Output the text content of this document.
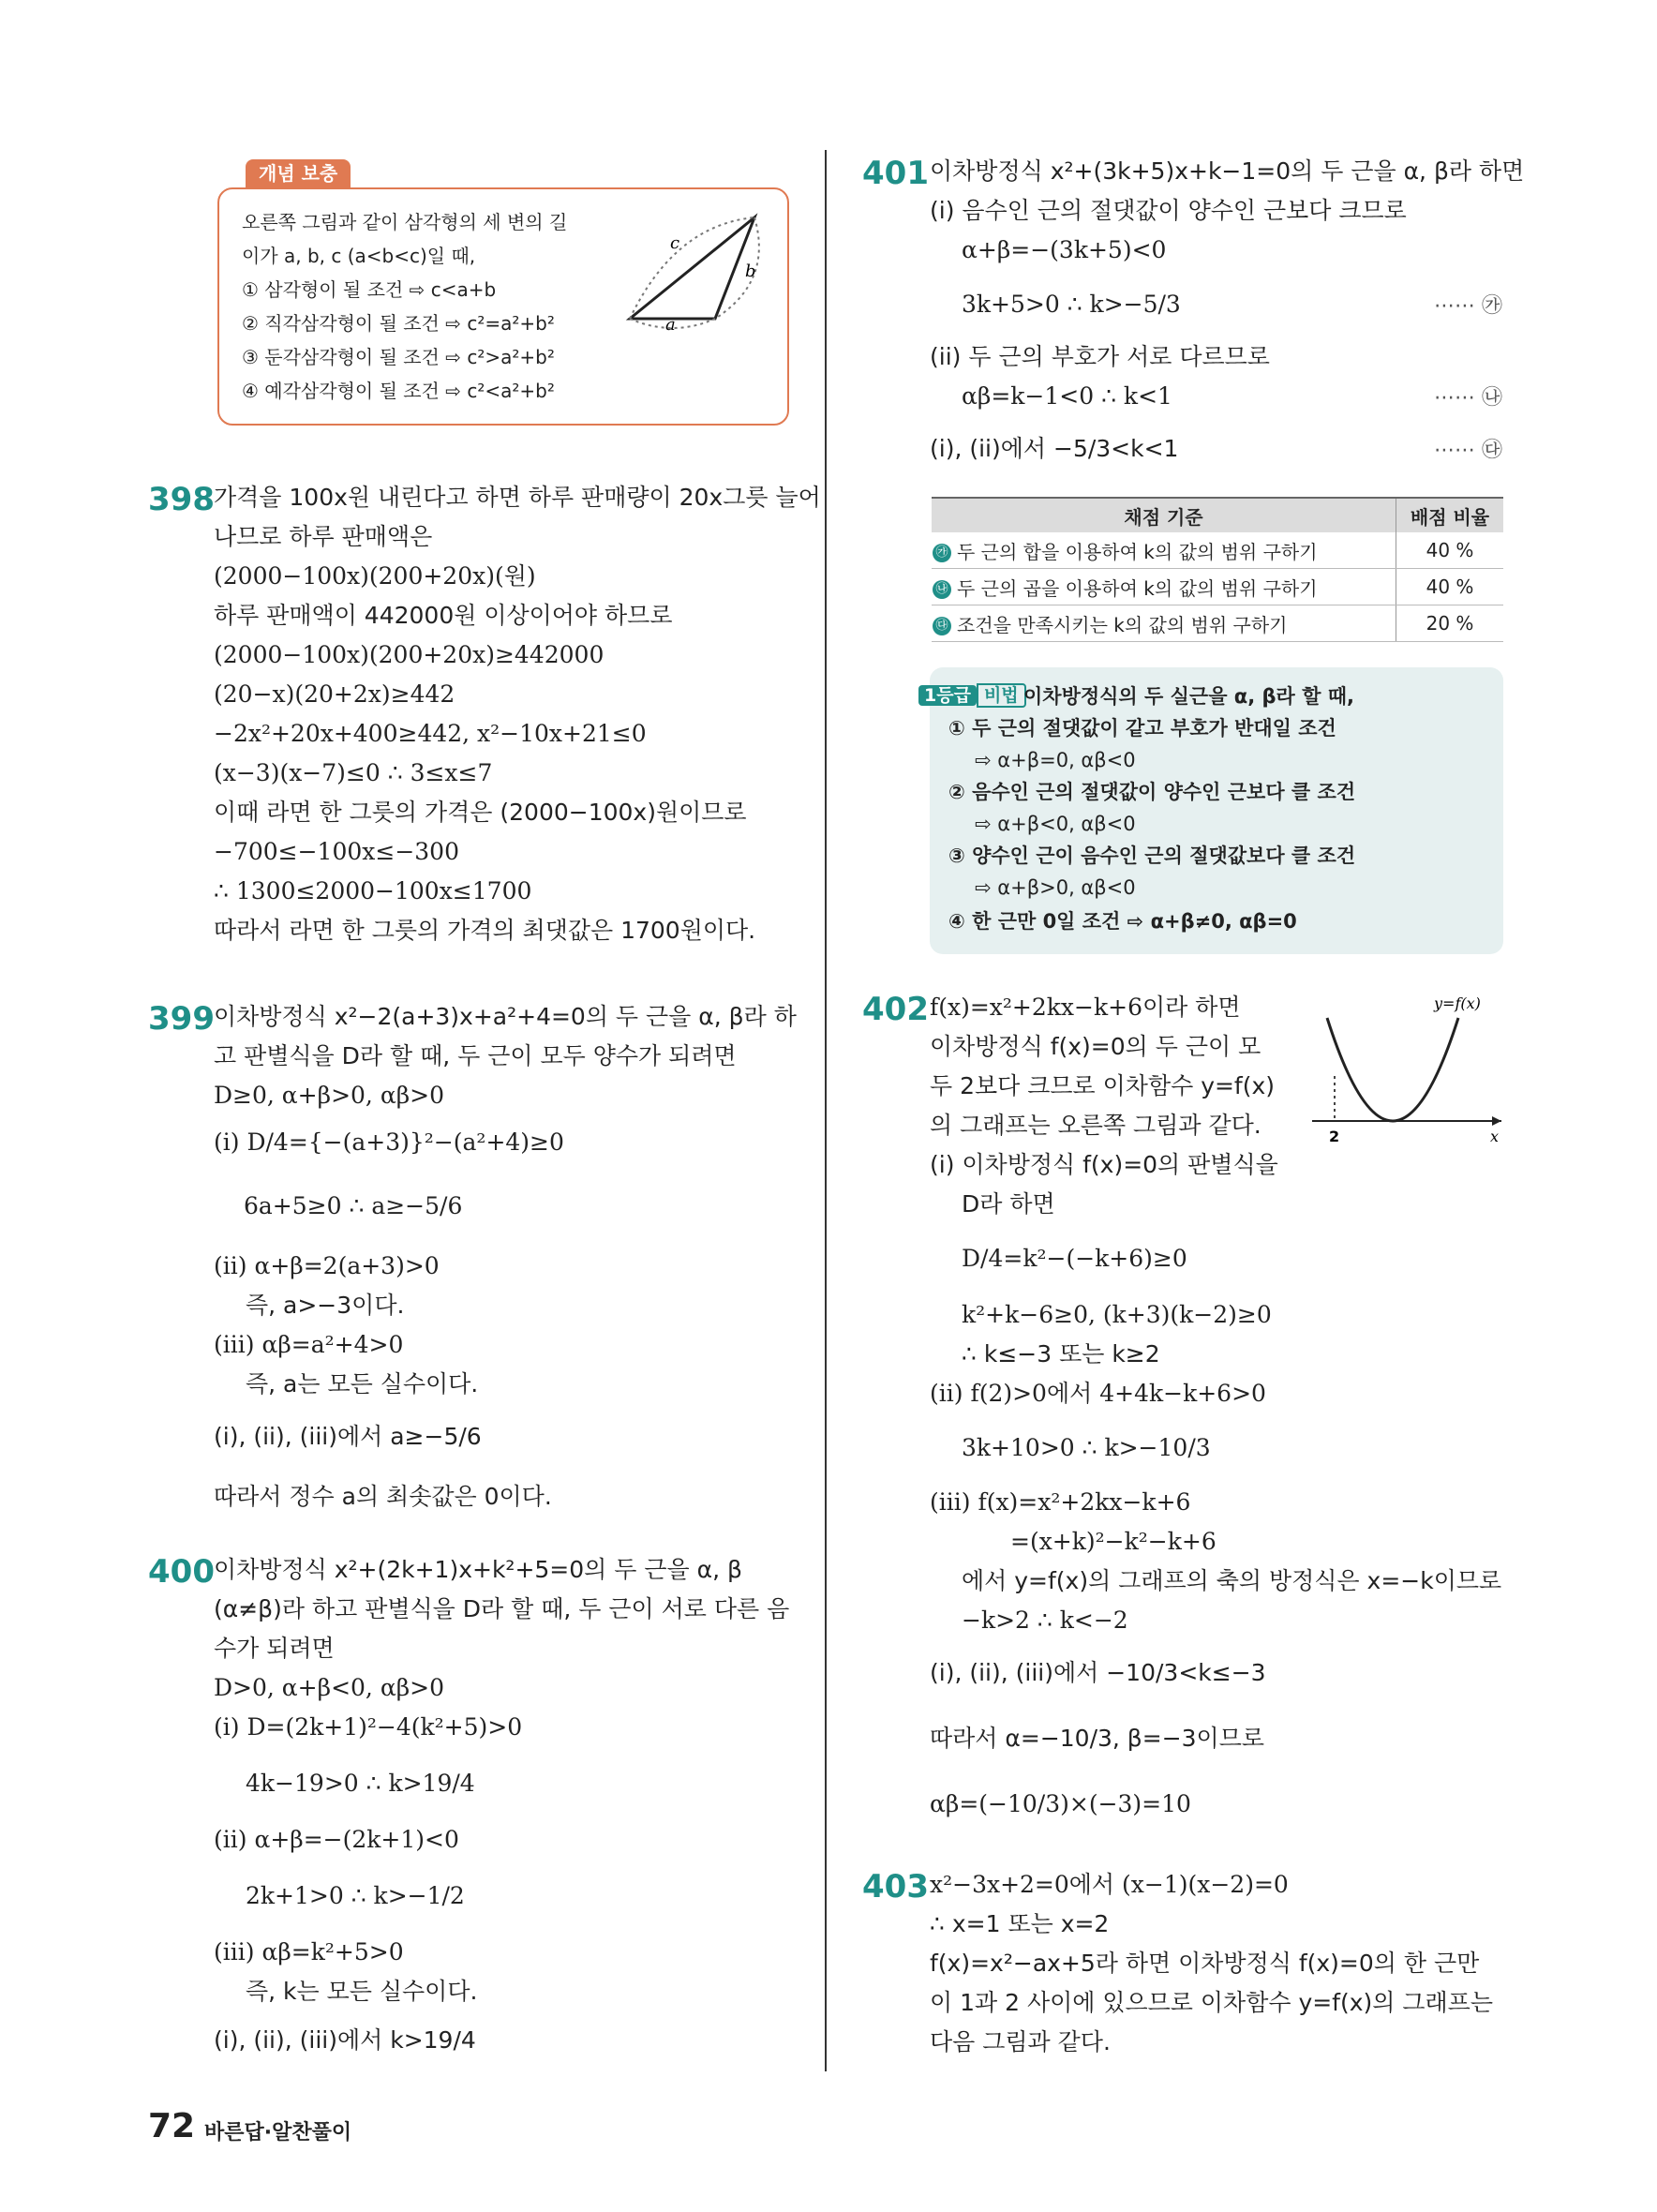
개념 보충
오른쪽 그림과 같이 삼각형의 세 변의 길
이가 a, b, c (a<b<c)일 때,
① 삼각형이 될 조건 ⇨ c<a+b
② 직각삼각형이 될 조건 ⇨ c²=a²+b²
③ 둔각삼각형이 될 조건 ⇨ c²>a²+b²
④ 예각삼각형이 될 조건 ⇨ c²<a²+b²
c
b
a
398 가격을 100x원 내린다고 하면 하루 판매량이 20x그릇 늘어
나므로 하루 판매액은
(2000−100x)(200+20x)(원)
하루 판매액이 442000원 이상이어야 하므로
(2000−100x)(200+20x)≥442000
(20−x)(20+2x)≥442
−2x²+20x+400≥442, x²−10x+21≤0
(x−3)(x−7)≤0 ∴ 3≤x≤7
이때 라면 한 그릇의 가격은 (2000−100x)원이므로
−700≤−100x≤−300
∴ 1300≤2000−100x≤1700
따라서 라면 한 그릇의 가격의 최댓값은 1700원이다.
399 이차방정식 x²−2(a+3)x+a²+4=0의 두 근을 α, β라 하
고 판별식을 D라 할 때, 두 근이 모두 양수가 되려면
D≥0, α+β>0, αβ>0
(i) D/4={−(a+3)}²−(a²+4)≥0
6a+5≥0 ∴ a≥−5/6
(ii) α+β=2(a+3)>0
즉, a>−3이다.
(iii) αβ=a²+4>0
즉, a는 모든 실수이다.
(i), (ii), (iii)에서 a≥−5/6
따라서 정수 a의 최솟값은 0이다.
400 이차방정식 x²+(2k+1)x+k²+5=0의 두 근을 α, β
(α≠β)라 하고 판별식을 D라 할 때, 두 근이 서로 다른 음
수가 되려면
D>0, α+β<0, αβ>0
(i) D=(2k+1)²−4(k²+5)>0
4k−19>0 ∴ k>19/4
(ii) α+β=−(2k+1)<0
2k+1>0 ∴ k>−1/2
(iii) αβ=k²+5>0
즉, k는 모든 실수이다.
(i), (ii), (iii)에서 k>19/4
401 이차방정식 x²+(3k+5)x+k−1=0의 두 근을 α, β라 하면
(i) 음수인 근의 절댓값이 양수인 근보다 크므로
α+β=−(3k+5)<0
3k+5>0 ∴ k>−5/3
(ii) 두 근의 부호가 서로 다르므로
αβ=k−1<0 ∴ k<1
(i), (ii)에서 −5/3<k<1
⋯⋯ ㉮
⋯⋯ ㉯
⋯⋯ ㉰
채점 기준	배점 비율
㉮ 두 근의 합을 이용하여 k의 값의 범위 구하기	40 %
㉯ 두 근의 곱을 이용하여 k의 값의 범위 구하기	40 %
㉰ 조건을 만족시키는 k의 값의 범위 구하기	20 %
1등급 비법 이차방정식의 두 실근을 α, β라 할 때,
① 두 근의 절댓값이 같고 부호가 반대일 조건
⇨ α+β=0, αβ<0
② 음수인 근의 절댓값이 양수인 근보다 클 조건
⇨ α+β<0, αβ<0
③ 양수인 근이 음수인 근의 절댓값보다 클 조건
⇨ α+β>0, αβ<0
④ 한 근만 0일 조건 ⇨ α+β≠0, αβ=0
402 f(x)=x²+2kx−k+6이라 하면
이차방정식 f(x)=0의 두 근이 모
두 2보다 크므로 이차함수 y=f(x)
의 그래프는 오른쪽 그림과 같다.
(i) 이차방정식 f(x)=0의 판별식을
D라 하면
D/4=k²−(−k+6)≥0
k²+k−6≥0, (k+3)(k−2)≥0
∴ k≤−3 또는 k≥2
(ii) f(2)>0에서 4+4k−k+6>0
3k+10>0 ∴ k>−10/3
(iii) f(x)=x²+2kx−k+6
=(x+k)²−k²−k+6
에서 y=f(x)의 그래프의 축의 방정식은 x=−k이므로
−k>2 ∴ k<−2
(i), (ii), (iii)에서 −10/3<k≤−3
따라서 α=−10/3, β=−3이므로
αβ=(−10/3)×(−3)=10
2	x
y=f(x)
403 x²−3x+2=0에서 (x−1)(x−2)=0
∴ x=1 또는 x=2
f(x)=x²−ax+5라 하면 이차방정식 f(x)=0의 한 근만
이 1과 2 사이에 있으므로 이차함수 y=f(x)의 그래프는
다음 그림과 같다.
72 바른답·알찬풀이
